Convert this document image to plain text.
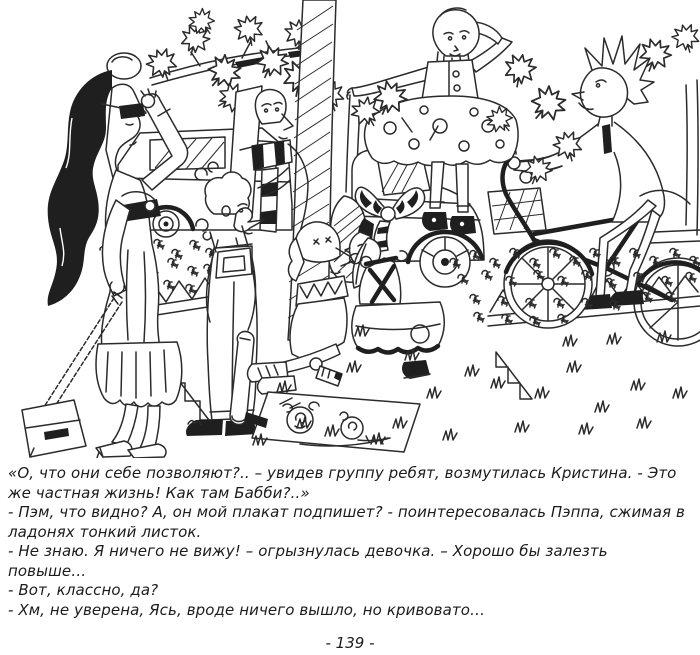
«О, что они себе позволяют?.. – увидев группу ребят, возмутилась Кристина. - Это же частная жизнь! Как там Бабби?..»

- Пэм, что видно? А, он мой плакат подпишет? - поинтересовалась Пэппа, сжимая в ладонях тонкий листок.

- Не знаю. Я ничего не вижу! – огрызнулась девочка. – Хорошо бы залезть повыше…

- Вот, классно, да?

- Хм, не уверена, Ясь, вроде ничего вышло, но кривовато…

- 139 -
